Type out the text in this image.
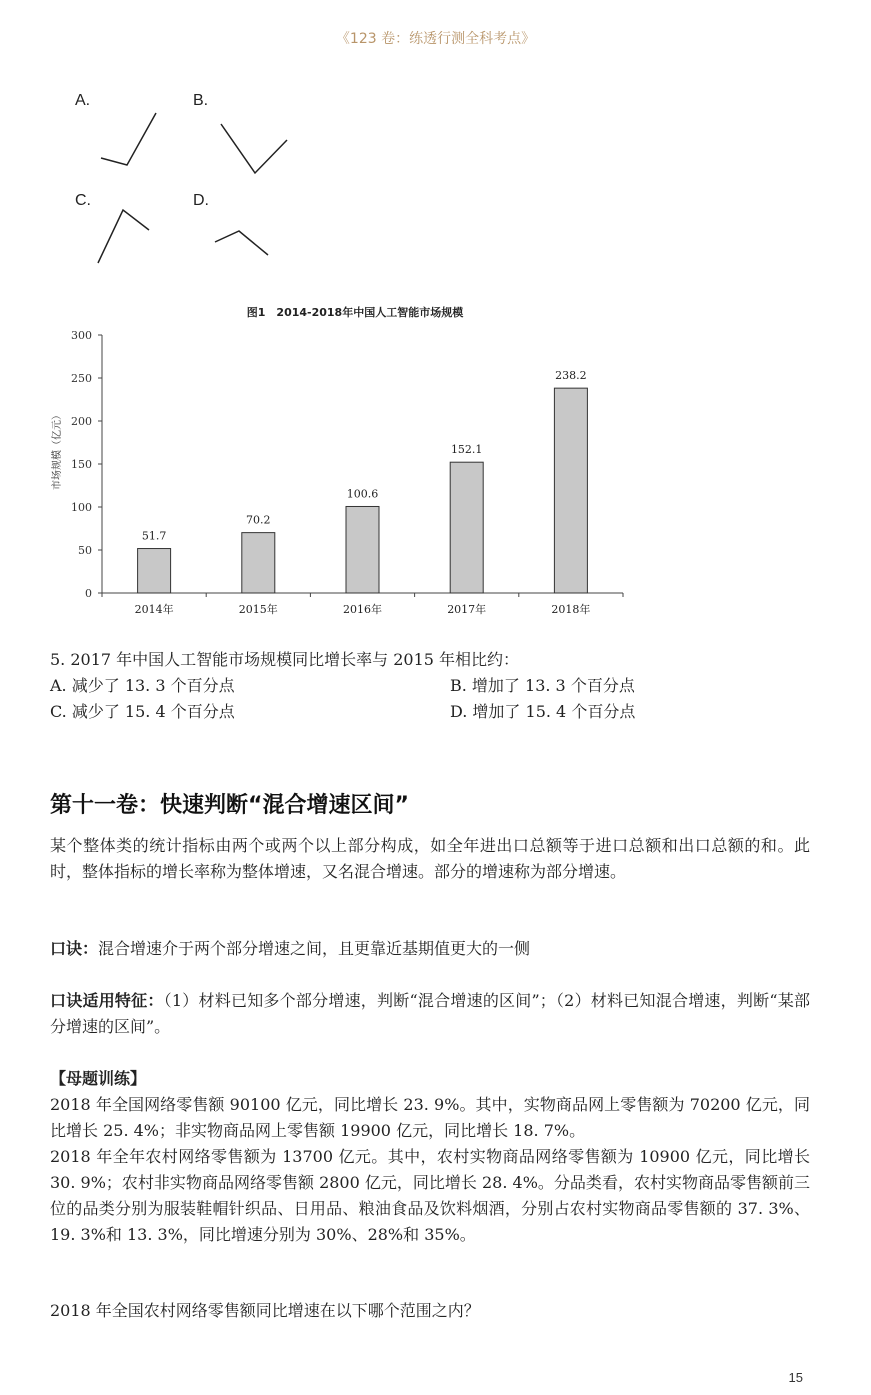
《123 卷：练透行测全科考点》
A.	B.
C.	D.
图1　2014-2018年中国人工智能市场规模
市场规模（亿元）
0
50
100
150
200
250
300
51.7
2014年
70.2
2015年
100.6
2016年
152.1
2017年
238.2
2018年
5. 2017 年中国人工智能市场规模同比增长率与 2015 年相比约：
A. 减少了 13. 3 个百分点	B. 增加了 13. 3 个百分点
C. 减少了 15. 4 个百分点	D. 增加了 15. 4 个百分点
第十一卷：快速判断“混合增速区间”
某个整体类的统计指标由两个或两个以上部分构成，如全年进出口总额等于进口总额和出口总额的和。此时，整体指标的增长率称为整体增速，又名混合增速。部分的增速称为部分增速。
口诀：混合增速介于两个部分增速之间，且更靠近基期值更大的一侧
口诀适用特征：（1）材料已知多个部分增速，判断“混合增速的区间”；（2）材料已知混合增速，判断“某部分增速的区间”。
【母题训练】
2018 年全国网络零售额 90100 亿元，同比增长 23. 9%。其中，实物商品网上零售额为 70200 亿元，同比增长 25. 4%；非实物商品网上零售额 19900 亿元，同比增长 18. 7%。
2018 年全年农村网络零售额为 13700 亿元。其中，农村实物商品网络零售额为 10900 亿元，同比增长 30. 9%；农村非实物商品网络零售额 2800 亿元，同比增长 28. 4%。分品类看，农村实物商品零售额前三位的品类分别为服装鞋帽针织品、日用品、粮油食品及饮料烟酒，分别占农村实物商品零售额的 37. 3%、19. 3%和 13. 3%，同比增速分别为 30%、28%和 35%。
2018 年全国农村网络零售额同比增速在以下哪个范围之内？
15
